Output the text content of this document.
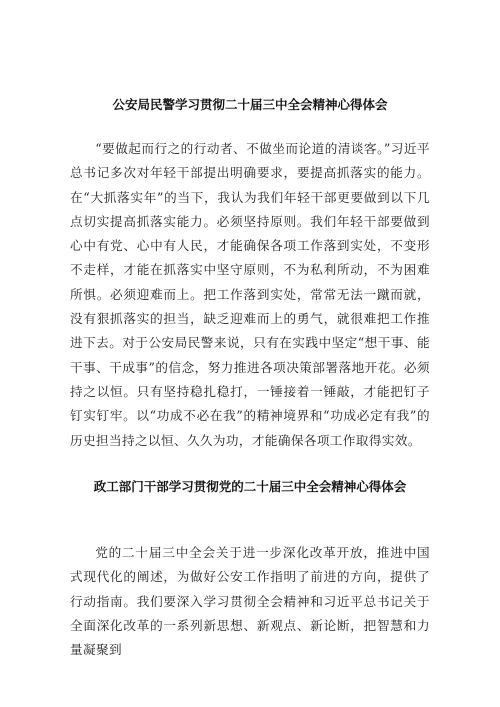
公安局民警学习贯彻二十届三中全会精神心得体会

“要做起而行之的行动者、不做坐而论道的清谈客。”习近平总书记多次对年轻干部提出明确要求，要提高抓落实的能力。在“大抓落实年”的当下，我认为我们年轻干部更要做到以下几点切实提高抓落实能力。必须坚持原则。我们年轻干部要做到心中有党、心中有人民，才能确保各项工作落到实处，不变形不走样，才能在抓落实中坚守原则，不为私利所动，不为困难所惧。必须迎难而上。把工作落到实处，常常无法一蹴而就，没有狠抓落实的担当，缺乏迎难而上的勇气，就很难把工作推进下去。对于公安局民警来说，只有在实践中坚定“想干事、能干事、干成事”的信念，努力推进各项决策部署落地开花。必须持之以恒。只有坚持稳扎稳打，一锤接着一锤敲，才能把钉子钉实钉牢。以“功成不必在我”的精神境界和“功成必定有我”的历史担当持之以恒、久久为功，才能确保各项工作取得实效。

政工部门干部学习贯彻党的二十届三中全会精神心得体会

党的二十届三中全会关于进一步深化改革开放，推进中国式现代化的阐述，为做好公安工作指明了前进的方向，提供了行动指南。我们要深入学习贯彻全会精神和习近平总书记关于全面深化改革的一系列新思想、新观点、新论断，把智慧和力量凝聚到
